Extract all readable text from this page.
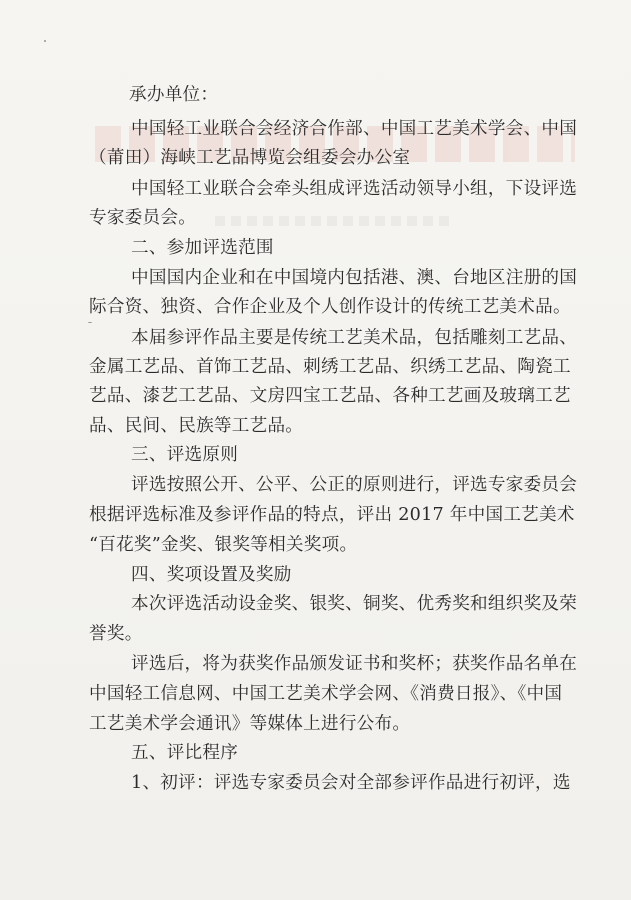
承办单位：
中国轻工业联合会经济合作部、中国工艺美术学会、中国
（莆田）海峡工艺品博览会组委会办公室
中国轻工业联合会牵头组成评选活动领导小组，下设评选
专家委员会。
二、参加评选范围
中国国内企业和在中国境内包括港、澳、台地区注册的国
际合资、独资、合作企业及个人创作设计的传统工艺美术品。
本届参评作品主要是传统工艺美术品，包括雕刻工艺品、
金属工艺品、首饰工艺品、刺绣工艺品、织绣工艺品、陶瓷工
艺品、漆艺工艺品、文房四宝工艺品、各种工艺画及玻璃工艺
品、民间、民族等工艺品。
三、评选原则
评选按照公开、公平、公正的原则进行，评选专家委员会
根据评选标准及参评作品的特点，评出 2017 年中国工艺美术
“百花奖”金奖、银奖等相关奖项。
四、奖项设置及奖励
本次评选活动设金奖、银奖、铜奖、优秀奖和组织奖及荣
誉奖。
评选后，将为获奖作品颁发证书和奖杯；获奖作品名单在
中国轻工信息网、中国工艺美术学会网、《消费日报》、《中国
工艺美术学会通讯》等媒体上进行公布。
五、评比程序
1、初评：评选专家委员会对全部参评作品进行初评，选
